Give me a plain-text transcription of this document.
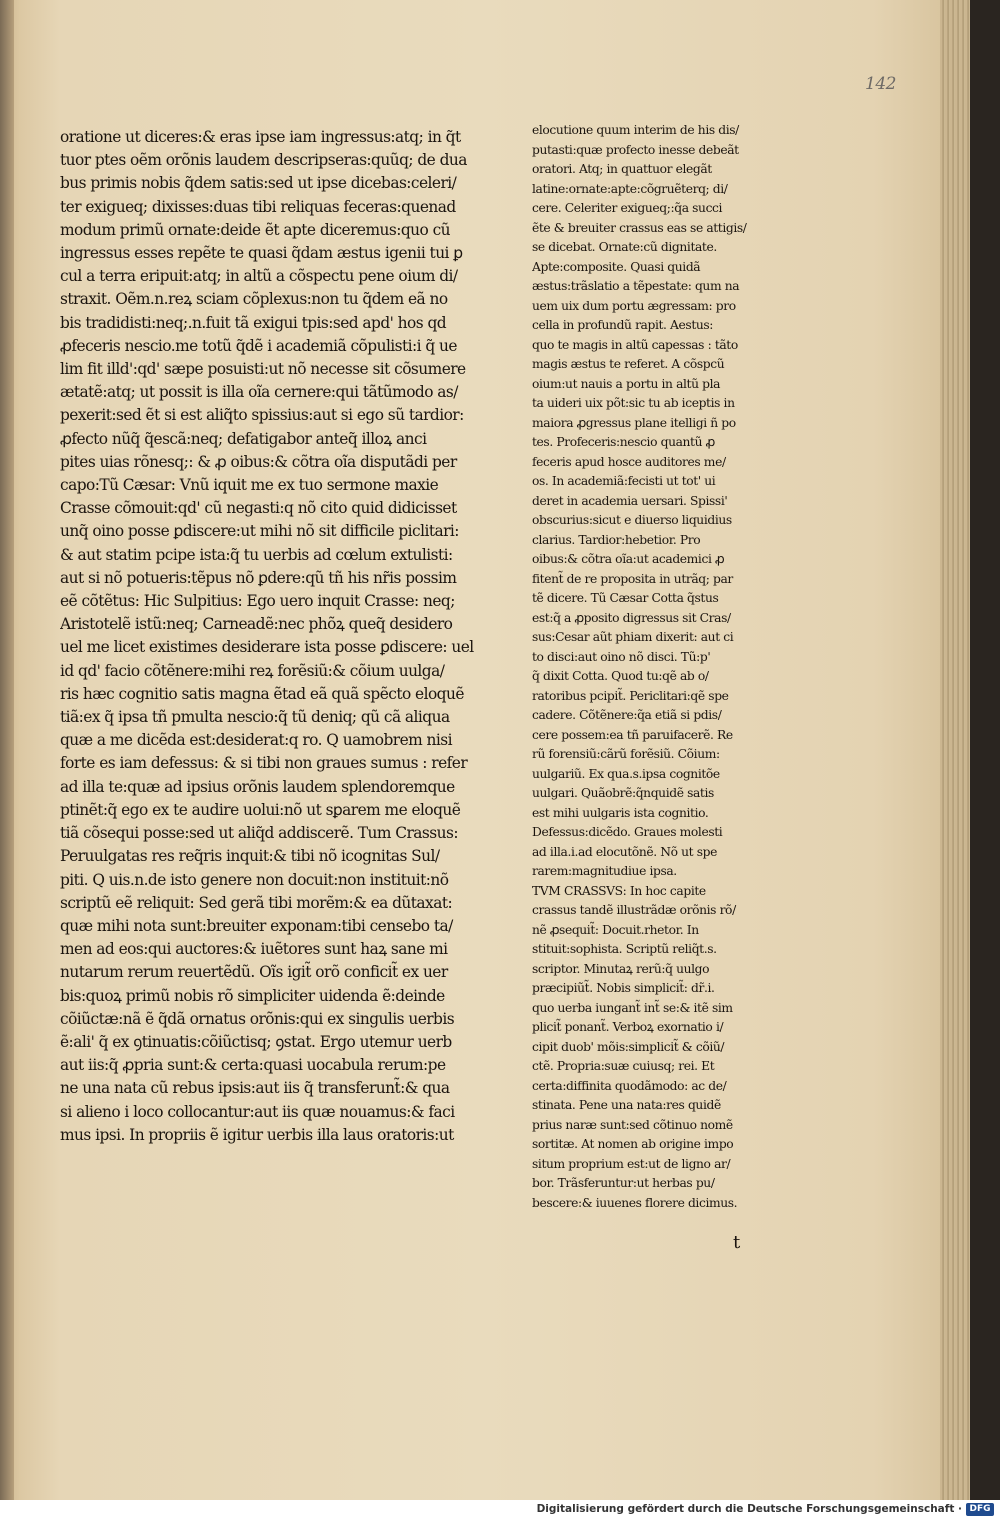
142
oratione ut diceres:& eras ipse iam ingressus:atq; in q̃t
tuor ptes oẽm orõnis laudem descripseras:quũq; de dua
bus primis nobis q̃dem satis:sed ut ipse dicebas:celeri/
ter exigueq; dixisses:duas tibi reliquas feceras:quenad
modum primũ ornate:deide ẽt apte diceremus:quo cũ
ingressus esses repẽte te quasi q̃dam æstus igenii tui ꝑ
cul a terra eripuit:atq; in altũ a cõspectu pene oium di/
straxit. Oẽm.n.reꝝ sciam cõplexus:non tu q̃dem eã no
bis tradidisti:neq;.n.fuit tã exigui tpis:sed apd' hos qd
ꝓfeceris nescio.me totũ q̃dẽ i academiã cõpulisti:i q̃ ue
lim fit illd':qd' sæpe posuisti:ut nõ necesse sit cõsumere
ætatẽ:atq; ut possit is illa oĩa cernere:qui tãtũmodo as/
pexerit:sed ẽt si est aliq̃to spissius:aut si ego sũ tardior:
ꝓfecto nũq̃ q̃escã:neq; defatigabor anteq̃ illoꝝ anci
pites uias rõnesq;: & ꝓ oibus:& cõtra oĩa disputãdi per
capo:Tũ Cæsar: Vnũ iquit me ex tuo sermone maxie
Crasse cõmouit:qd' cũ negasti:q nõ cito quid didicisset
unq̃ oino posse ꝑdiscere:ut mihi nõ sit difficile piclitari:
& aut statim pcipe ista:q̃ tu uerbis ad cœlum extulisti:
aut si nõ potueris:tẽpus nõ ꝑdere:qũ tñ his nr̃is possim
eẽ cõtẽtus: Hic Sulpitius: Ego uero inquit Crasse: neq;
Aristotelẽ istũ:neq; Carneadẽ:nec phõꝝ queq̃ desidero
uel me licet existimes desiderare ista posse ꝑdiscere: uel
id qd' facio cõtẽnere:mihi reꝝ forẽsiũ:& cõium uulga/
ris hæc cognitio satis magna ẽtad eã quã spẽcto eloquẽ
tiã:ex q̃ ipsa tñ pmulta nescio:q̃ tũ deniq; qũ cã aliqua
quæ a me dicẽda est:desiderat:q ro. Q uamobrem nisi
forte es iam defessus: & si tibi non graues sumus : refer
ad illa te:quæ ad ipsius orõnis laudem splendoremque
ptinẽt:q̃ ego ex te audire uolui:nõ ut sꝑarem me eloquẽ
tiã cõsequi posse:sed ut aliq̃d addiscerẽ. Tum Crassus:
Peruulgatas res req̃ris inquit:& tibi nõ icognitas Sul/
piti. Q uis.n.de isto genere non docuit:non instituit:nõ
scriptũ eẽ reliquit: Sed gerã tibi morẽm:& ea dũtaxat:
quæ mihi nota sunt:breuiter exponam:tibi censebo ta/
men ad eos:qui auctores:& iuẽtores sunt haꝝ sane mi
nutarum rerum reuertẽdũ. Oĩs igit̃ orõ conficit̃ ex uer
bis:quoꝝ primũ nobis rõ simpliciter uidenda ẽ:deinde
cõiũctæ:nã ẽ q̃dã ornatus orõnis:qui ex singulis uerbis
ẽ:ali' q̃ ex ꝯtinuatis:cõiũctisq; ꝯstat. Ergo utemur uerb
aut iis:q̃ ꝓpria sunt:& certa:quasi uocabula rerum:pe
ne una nata cũ rebus ipsis:aut iis q̃ transferunt̃:& qua
si alieno i loco collocantur:aut iis quæ nouamus:& faci
mus ipsi. In propriis ẽ igitur uerbis illa laus oratoris:ut
elocutione quum interim de his dis/
putasti:quæ profecto inesse debeãt
oratori. Atq; in quattuor elegãt
latine:ornate:apte:cõgruẽterq; di/
cere. Celeriter exigueq;:q̃a succi
ẽte & breuiter crassus eas se attigis/
se dicebat. Ornate:cũ dignitate.
Apte:composite. Quasi quidã
æstus:trãslatio a tẽpestate: qum na
uem uix dum portu ægressam: pro
cella in profundũ rapit. Aestus:
quo te magis in altũ capessas : tãto
magis æstus te referet. A cõspcũ
oium:ut nauis a portu in altũ pla
ta uideri uix põt:sic tu ab iceptis in
maiora ꝓgressus plane itelligi ñ po
tes. Profeceris:nescio quantũ ꝓ
feceris apud hosce auditores me/
os. In academiã:fecisti ut tot' ui
deret in academia uersari. Spissi'
obscurius:sicut e diuerso liquidius
clarius. Tardior:hebetior. Pro
oibus:& cõtra oĩa:ut academici ꝓ
fitent̃ de re proposita in utrãq; par
tẽ dicere. Tũ Cæsar Cotta q̃stus
est:q̃ a ꝓposito digressus sit Cras/
sus:Cesar aũt phiam dixerit: aut ci
to disci:aut oino nõ disci. Tũ:p'
q̃ dixit Cotta. Quod tu:qẽ ab o/
ratoribus pcipit̃. Periclitari:qẽ spe
cadere. Cõtẽnere:q̃a etiã si pdis/
cere possem:ea tñ paruifacerẽ. Re
rũ forensiũ:cãrũ forẽsiũ. Cõium:
uulgariũ. Ex qua.s.ipsa cognitõe
uulgari. Quãobrẽ:q̃nquidẽ satis
est mihi uulgaris ista cognitio.
Defessus:dicẽdo. Graues molesti
ad illa.i.ad elocutõnẽ. Nõ ut spe
rarem:magnitudiue ipsa.
TVM CRASSVS: In hoc capite
crassus tandẽ illustrãdæ orõnis rõ/
nẽ ꝓsequit̃: Docuit.rhetor. In
stituit:sophista. Scriptũ reliq̃t.s.
scriptor. Minutaꝝ rerũ:q̃ uulgo
præcipiũt̃. Nobis simplicit̃: dr̃.i.
quo uerba iungant̃ int̃ se:& itẽ sim
plicit̃ ponant̃. Verboꝝ exornatio i/
cipit duob' mõis:simplicit̃ & cõiũ/
ctẽ. Propria:suæ cuiusq; rei. Et
certa:diffinita quodãmodo: ac de/
stinata. Pene una nata:res quidẽ
prius naræ sunt:sed cõtinuo nomẽ
sortitæ. At nomen ab origine impo
situm proprium est:ut de ligno ar/
bor. Trãsferuntur:ut herbas pu/
bescere:& iuuenes florere dicimus.
t
Digitalisierung gefördert durch die Deutsche Forschungsgemeinschaft · DFG
